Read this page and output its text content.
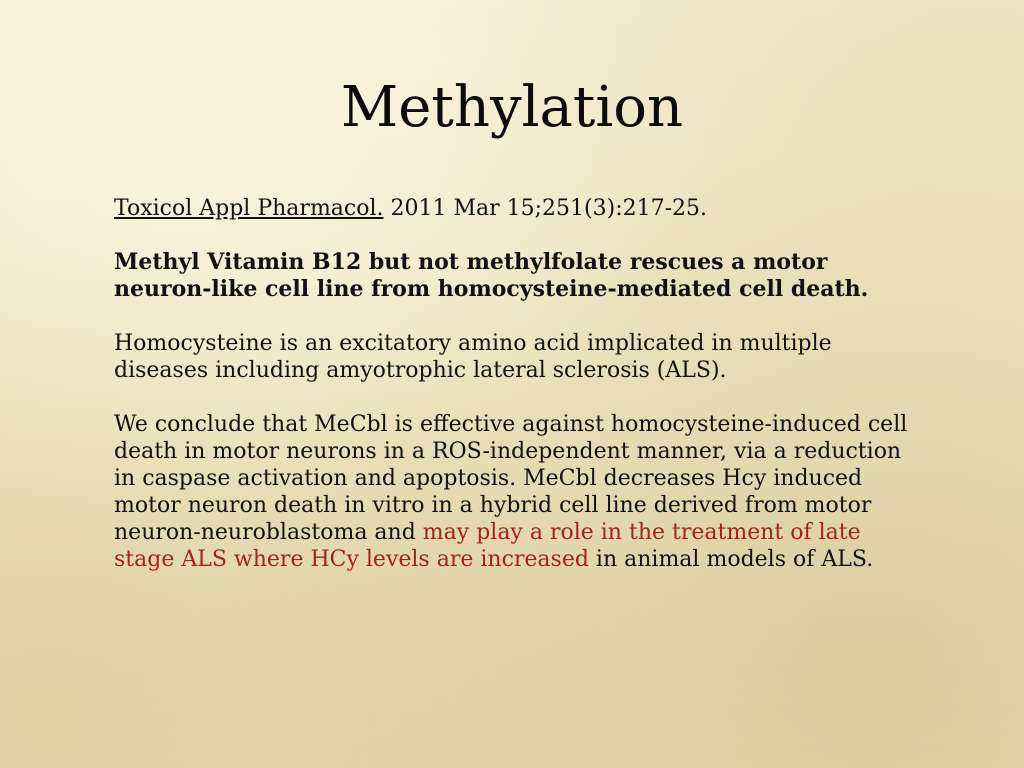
Methylation

Toxicol Appl Pharmacol. 2011 Mar 15;251(3):217-25.

Methyl Vitamin B12 but not methylfolate rescues a motor neuron-like cell line from homocysteine-mediated cell death.

Homocysteine is an excitatory amino acid implicated in multiple diseases including amyotrophic lateral sclerosis (ALS).

We conclude that MeCbl is effective against homocysteine-induced cell death in motor neurons in a ROS-independent manner, via a reduction in caspase activation and apoptosis. MeCbl decreases Hcy induced motor neuron death in vitro in a hybrid cell line derived from motor neuron-neuroblastoma and may play a role in the treatment of late stage ALS where HCy levels are increased in animal models of ALS.
